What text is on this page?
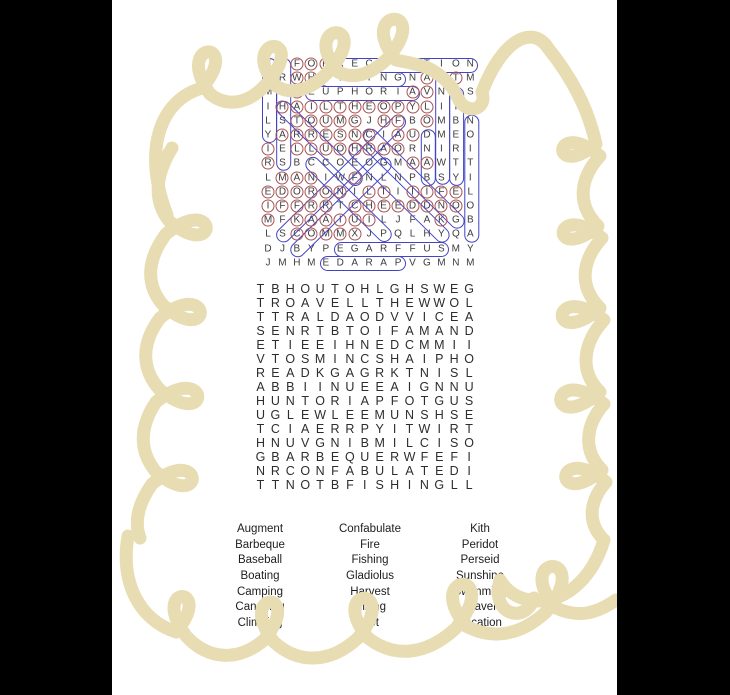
F E F O R R E C R E A T I O N
A R W H H I K I N G N A G T M
M O A E U P H O R I A V N L S
I H A I L T H E O P Y L I I I
L S T O U M G J H F B O M B N
Y A R R E S N C I A U D M E O
I E L L U O H R A O R N I R I
R S B C C O E O G M A A W T T
L M A N I W F N L N P B S Y I
E D O R O N I L T I I I F E L
I F F R R T C H E E D D N O O
M F K A A I U I L J F A K G B
L S C O M M X J P Q L H Y Q A
D J B Y P E G A R F F U S M Y
J M H M E D A R A P V G M N M
T B H O U T O H L G H S W E G
T R O A V E L L T H E W W O L
T T R A L D A O D V V I C E A
S E N R T B T O I F A M A N D
E T I E E I H N E D C M M I I
V T O S M I N C S H A I P H O
R E A D K G A G R K T N I S L
A B B I I N U E E A I G N N U
H U N T O R I A P F O T G U S
U G L E W L E E M U N S H S E
T C I A E R R P Y I T W I R T
H N U V G N I B M I L C I S O
G B A R B E Q U E R W F E F I
N R C O N F A B U L A T E D I
T T N O T B F I S H I N G L L
Augment
Barbeque
Baseball
Boating
Camping
Canoeing
Climbing
Confabulate
Fire
Fishing
Gladiolus
Harvest
Hiking
Hot
Kith
Peridot
Perseid
Sunshine
Swimming
Travel
Vacation
